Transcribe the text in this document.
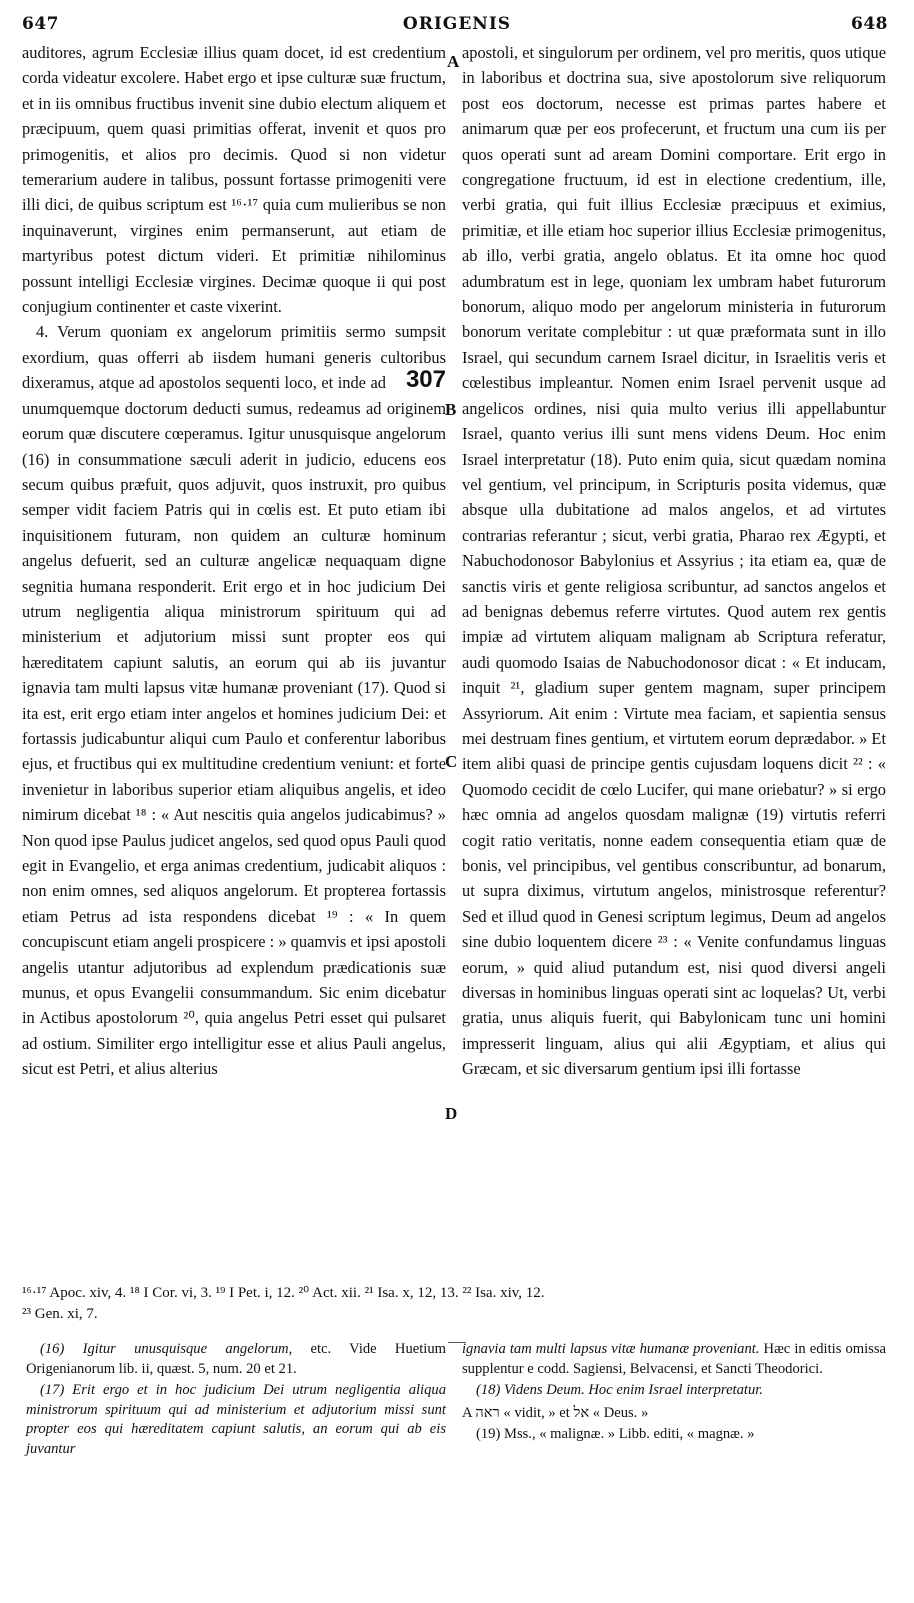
647	ORIGENIS	648

auditores, agrum Ecclesiæ illius quam docet, id est credentium corda videatur excolere. Habet ergo et ipse culturæ suæ fructum, et in iis omnibus fructibus invenit sine dubio electum aliquem et præcipuum, quem quasi primitias offerat, invenit et quos pro primogenitis, et alios pro decimis. Quod si non videtur temerarium audere in talibus, possunt fortasse primogeniti vere illi dici, de quibus scriptum est ¹⁶·¹⁷ quia cum mulieribus se non inquinaverunt, virgines enim permanserunt, aut etiam de martyribus potest dictum videri. Et primitiæ nihilominus possunt intelligi Ecclesiæ virgines. Decimæ quoque ii qui post conjugium continenter et caste vixerint.

4. Verum quoniam ex angelorum primitiis sermo sumpsit exordium, quas offerri ab iisdem humani generis cultoribus dixeramus,	307
atque ad apostolos sequenti loco, et inde ad unumquemque doctorum deducti sumus, redeamus ad originem eorum quæ discutere cœperamus. Igitur unusquisque angelorum (16) in consummatione sæculi aderit in judicio, educens eos secum quibus præfuit, quos adjuvit, quos instruxit, pro quibus semper vidit faciem Patris qui in cœlis est. Et puto etiam ibi inquisitionem futuram, non quidem an culturæ hominum angelus defuerit, sed an culturæ angelicæ nequaquam digne segnitia humana responderit. Erit ergo et in hoc judicium Dei utrum negligentia aliqua ministrorum spirituum qui ad ministerium et adjutorium missi sunt propter eos qui hæreditatem capiunt salutis, an eorum qui ab iis juvantur ignavia tam multi lapsus vitæ humanæ proveniant (17). Quod si ita est, erit ergo etiam inter angelos et homines judicium Dei: et fortassis judicabuntur aliqui cum Paulo et conferentur laboribus ejus, et fructibus qui ex multitudine credentium veniunt: et forte invenietur in laboribus superior etiam aliquibus angelis, et ideo nimirum dicebat ¹⁸ : « Aut nescitis quia angelos judicabimus? » Non quod ipse Paulus judicet angelos, sed quod opus Pauli quod egit in Evangelio, et erga animas credentium, judicabit aliquos : non enim omnes, sed aliquos angelorum. Et propterea fortassis etiam Petrus ad ista respondens dicebat ¹⁹ : « In quem concupiscunt etiam angeli prospicere : » quamvis et ipsi apostoli angelis utantur adjutoribus ad explendum prædicationis suæ munus, et opus Evangelii consummandum. Sic enim dicebatur in Actibus apostolorum ²⁰, quia angelus Petri esset qui pulsaret ad ostium. Similiter ergo intelligitur esse et alius Pauli angelus, sicut est Petri, et alius alterius

apostoli, et singulorum per ordinem, vel pro meritis, quos utique in laboribus et doctrina sua, sive apostolorum sive reliquorum post eos doctorum, necesse est primas partes habere et animarum quæ per eos profecerunt, et fructum una cum iis per quos operati sunt ad aream Domini comportare. Erit ergo in congregatione fructuum, id est in electione credentium, ille, verbi gratia, qui fuit illius Ecclesiæ præcipuus et eximius, primitiæ, et ille etiam hoc superior illius Ecclesiæ primogenitus, ab illo, verbi gratia, angelo oblatus. Et ita omne hoc quod adumbratum est in lege, quoniam lex umbram habet futurorum bonorum, aliquo modo per angelorum ministeria in futurorum bonorum veritate complebitur : ut quæ præformata sunt in illo Israel, qui secundum carnem Israel dicitur, in Israelitis veris et cœlestibus impleantur. Nomen enim Israel pervenit usque ad angelicos ordines, nisi quia multo verius illi appellabuntur Israel, quanto verius illi sunt mens videns Deum. Hoc enim Israel interpretatur (18). Puto enim quia, sicut quædam nomina vel gentium, vel principum, in Scripturis posita videmus, quæ absque ulla dubitatione ad malos angelos, et ad virtutes contrarias referantur ; sicut, verbi gratia, Pharao rex Ægypti, et Nabuchodonosor Babylonius et Assyrius ; ita etiam ea, quæ de sanctis viris et gente religiosa scribuntur, ad sanctos angelos et ad benignas debemus referre virtutes. Quod autem rex gentis impiæ ad virtutem aliquam malignam ab Scriptura referatur, audi quomodo Isaias de Nabuchodonosor dicat : « Et inducam, inquit ²¹, gladium super gentem magnam, super principem Assyriorum. Ait enim : Virtute mea faciam, et sapientia sensus mei destruam fines gentium, et virtutem eorum deprædabor. » Et item alibi quasi de principe gentis cujusdam loquens dicit ²² : « Quomodo cecidit de cœlo Lucifer, qui mane oriebatur? » si ergo hæc omnia ad angelos quosdam malignæ (19) virtutis referri cogit ratio veritatis, nonne eadem consequentia etiam quæ de bonis, vel principibus, vel gentibus conscribuntur, ad bonarum, ut supra diximus, virtutum angelos, ministrosque referentur? Sed et illud quod in Genesi scriptum legimus, Deum ad angelos sine dubio loquentem dicere ²³ : « Venite confundamus linguas eorum, » quid aliud putandum est, nisi quod diversi angeli diversas in hominibus linguas operati sint ac loquelas? Ut, verbi gratia, unus aliquis fuerit, qui Babylonicam tunc uni homini impresserit linguam, alius qui alii Ægyptiam, et alius qui Græcam, et sic diversarum gentium ipsi illi fortasse

A
B
C
D

¹⁶·¹⁷ Apoc. xiv, 4. ¹⁸ I Cor. vi, 3. ¹⁹ I Pet. i, 12. ²⁰ Act. xii. ²¹ Isa. x, 12, 13. ²² Isa. xiv, 12.

²³ Gen. xi, 7.

(16) Igitur unusquisque angelorum, etc. Vide Huetium Origenianorum lib. ii, quæst. 5, num. 20 et 21.

(17) Erit ergo et in hoc judicium Dei utrum negligentia aliqua ministrorum spirituum qui ad ministerium et adjutorium missi sunt propter eos qui hæreditatem capiunt salutis, an eorum qui ab eis juvantur

ignavia tam multi lapsus vitæ humanæ proveniant. Hæc in editis omissa supplentur e codd. Sagiensi, Belvacensi, et Sancti Theodorici.

(18) Videns Deum. Hoc enim Israel interpretatur.

A ראה « vidit, » et אל « Deus. »

(19) Mss., « malignæ. » Libb. editi, « magnæ. »
